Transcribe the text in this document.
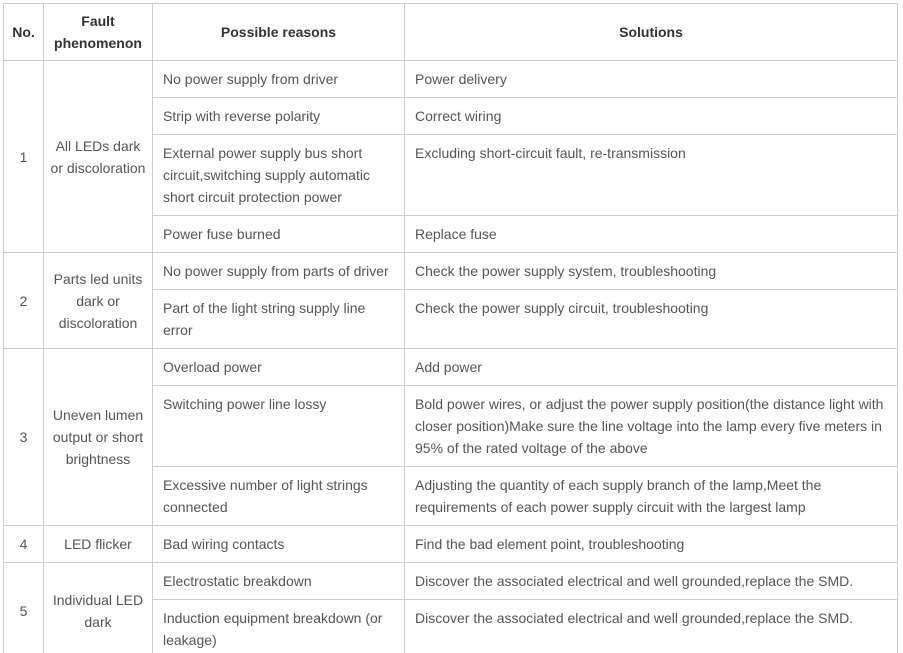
No.	Fault phenomenon	Possible reasons	Solutions
1	All LEDs dark or discoloration	No power supply from driver	Power delivery
		Strip with reverse polarity	Correct wiring
		External power supply bus short circuit,switching supply automatic short circuit protection power	Excluding short-circuit fault, re-transmission
		Power fuse burned	Replace fuse
2	Parts led units dark or discoloration	No power supply from parts of driver	Check the power supply system, troubleshooting
		Part of the light string supply line error	Check the power supply circuit, troubleshooting
3	Uneven lumen output or short brightness	Overload power	Add power
		Switching power line lossy	Bold power wires, or adjust the power supply position(the distance light with closer position)Make sure the line voltage into the lamp every five meters in 95% of the rated voltage of the above
		Excessive number of light strings connected	Adjusting the quantity of each supply branch of the lamp,Meet the requirements of each power supply circuit with the largest lamp
4	LED flicker	Bad wiring contacts	Find the bad element point, troubleshooting
5	Individual LED dark	Electrostatic breakdown	Discover the associated electrical and well grounded,replace the SMD.
		Induction equipment breakdown (or leakage)	Discover the associated electrical and well grounded,replace the SMD.
